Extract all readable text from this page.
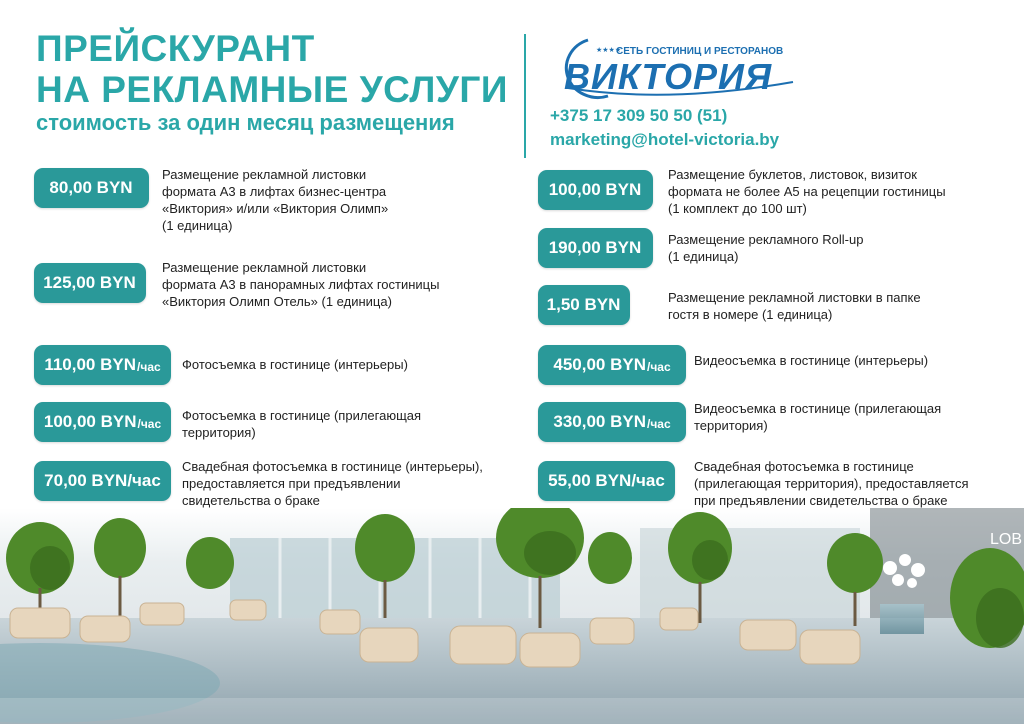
ПРЕЙСКУРАНТ
НА РЕКЛАМНЫЕ УСЛУГИ
стоимость за один месяц размещения
★★★★
СЕТЬ ГОСТИНИЦ И РЕСТОРАНОВ
ВИКТОРИЯ
+375 17 309 50 50 (51)
marketing@hotel-victoria.by
80,00 BYN
Размещение рекламной листовки
формата А3 в лифтах бизнес-центра
«Виктория» и/или «Виктория Олимп»
(1 единица)
125,00 BYN
Размещение рекламной листовки
формата А3 в панорамных лифтах гостиницы
«Виктория Олимп Отель» (1 единица)
110,00 BYN /час Фотосъемка в гостинице (интерьеры)
100,00 BYN /час
Фотосъемка в гостинице (прилегающая
территория)
70,00 BYN /час
Свадебная фотосъемка в гостинице (интерьеры),
предоставляется при предъявлении
свидетельства о браке
100,00 BYN
Размещение буклетов, листовок, визиток
формата не более А5 на рецепции гостиницы
(1 комплект до 100 шт)
190,00 BYN Размещение рекламного Roll-up
(1 единица)
1,50 BYN	Размещение рекламной листовки в папке
гостя в номере (1 единица)
450,00 BYN /час Видеосъемка в гостинице (интерьеры)
330,00 BYN /час
Видеосъемка в гостинице (прилегающая
территория)
55,00 BYN /час
Свадебная фотосъемка в гостинице
(прилегающая территория), предоставляется
при предъявлении свидетельства о браке
LOB
